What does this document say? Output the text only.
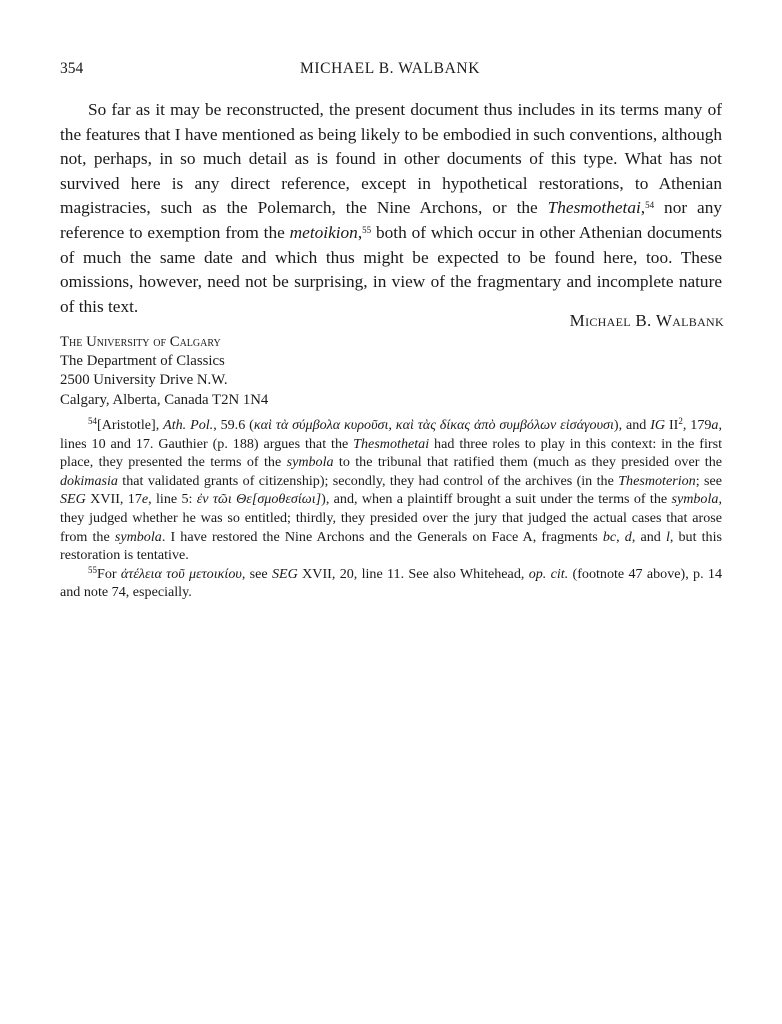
354	MICHAEL B. WALBANK

So far as it may be reconstructed, the present document thus includes in its terms many of the features that I have mentioned as being likely to be embodied in such conventions, although not, perhaps, in so much detail as is found in other documents of this type. What has not survived here is any direct reference, except in hypothetical restorations, to Athenian magistracies, such as the Polemarch, the Nine Archons, or the Thesmothetai,$^{54}$ nor any reference to exemption from the metoikion,$^{55}$ both of which occur in other Athenian documents of much the same date and which thus might be expected to be found here, too. These omissions, however, need not be surprising, in view of the fragmentary and incomplete nature of this text.

Michael B. Walbank
The University of Calgary
The Department of Classics
2500 University Drive N.W.
Calgary, Alberta, Canada T2N 1N4

$^{54}$[Aristotle], Ath. Pol., 59.6 (καὶ τὰ σύμβολα κυροῦσι, καὶ τὰς δίκας ἀπὸ συμβόλων εἰσάγουσι), and IG $II^2$, 179a, lines 10 and 17. Gauthier (p. 188) argues that the Thesmothetai had three roles to play in this context: in the first place, they presented the terms of the symbola to the tribunal that ratified them (much as they presided over the dokimasia that validated grants of citizenship); secondly, they had control of the archives (in the Thesmoterion; see SEG XVII, 17e, line 5: ἐν τῶι Θε[σμοθεσίωι]), and, when a plaintiff brought a suit under the terms of the symbola, they judged whether he was so entitled; thirdly, they presided over the jury that judged the actual cases that arose from the symbola. I have restored the Nine Archons and the Generals on Face A, fragments bc, d, and l, but this restoration is tentative.

$^{55}$For ἀτέλεια τοῦ μετοικίου, see SEG XVII, 20, line 11. See also Whitehead, op. cit. (footnote 47 above), p. 14 and note 74, especially.
